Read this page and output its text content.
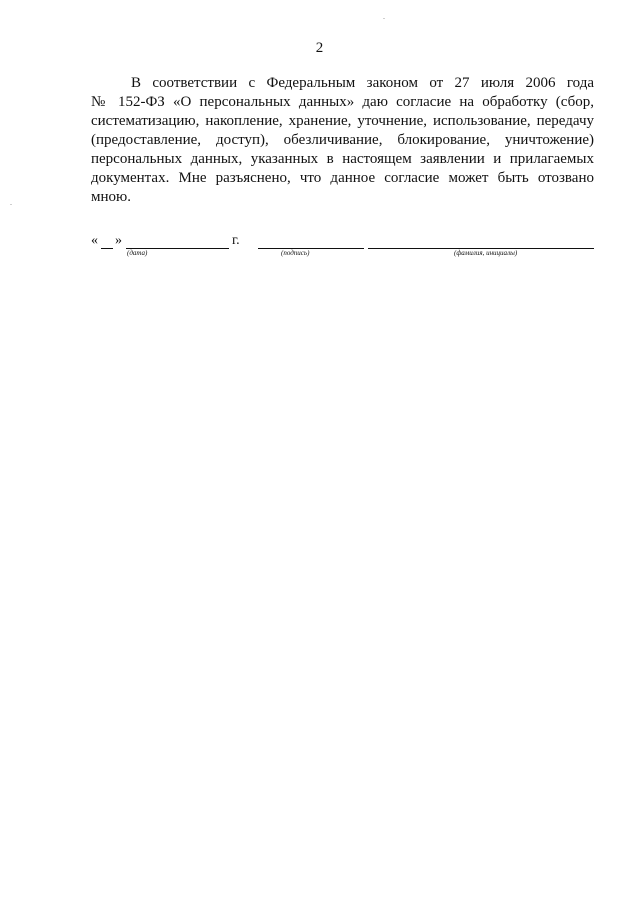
2
В соответствии с Федеральным законом от 27 июля 2006 года
№ 152-ФЗ «О персональных данных» даю согласие на обработку (сбор,
систематизацию, накопление, хранение, уточнение, использование, передачу
(предоставление, доступ), обезличивание, блокирование, уничтожение)
персональных данных, указанных в настоящем заявлении и прилагаемых
документах. Мне разъяснено, что данное согласие может быть отозвано
мною.
« »	г.
(дата)	(подпись)	(фамилия, инициалы)
